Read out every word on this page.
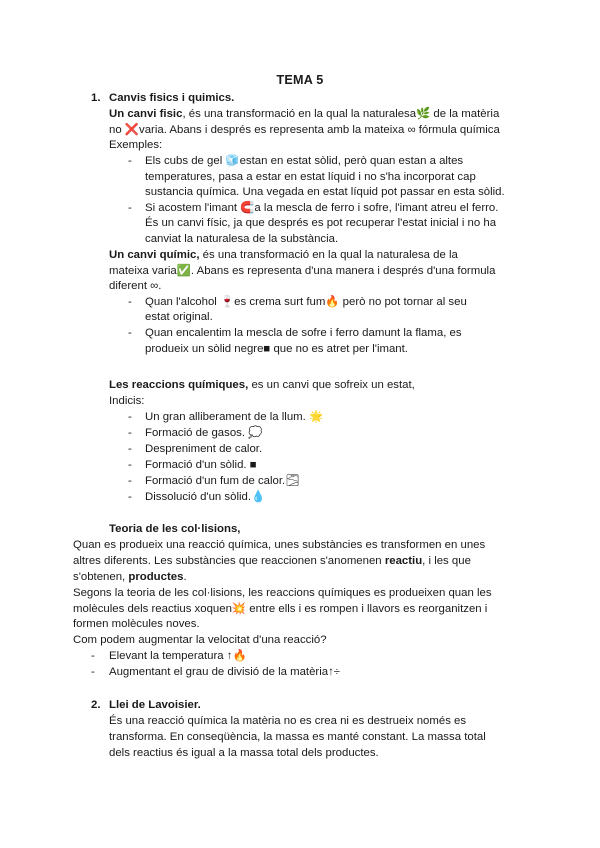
TEMA 5
1. Canvis fisics i quimics.
Un canvi fisic, és una transformació en la qual la naturalesa🌿 de la matèria
no ❌varia. Abans i després es representa amb la mateixa ∞ fórmula química
Exemples:
- Els cubs de gel 🧊estan en estat sòlid, però quan estan a altes
temperatures, pasa a estar en estat líquid i no s'ha incorporat cap
sustancia química. Una vegada en estat líquid pot passar en esta sòlid.
- Si acostem l'imant 🧲a la mescla de ferro i sofre, l'imant atreu el ferro.
És un canvi físic, ja que després es pot recuperar l'estat inicial i no ha
canviat la naturalesa de la substància.
Un canvi químic, és una transformació en la qual la naturalesa de la
mateixa varia✅. Abans es representa d'una manera i després d'una formula
diferent ∞.
- Quan l'alcohol 🍷es crema surt fum🔥 però no pot tornar al seu
estat original.
- Quan encalentim la mescla de sofre i ferro damunt la flama, es
produeix un sòlid negre■ que no es atret per l'imant.
Les reaccions químiques, es un canvi que sofreix un estat,
Indicis:
- Un gran alliberament de la llum. 🌟
- Formació de gasos. 💭
- Despreniment de calor.
- Formació d'un sòlid. ■
- Formació d'un fum de calor.🌫
- Dissolució d'un sòlid.💧
Teoria de les col·lisions,
Quan es produeix una reacció química, unes substàncies es transformen en unes
altres diferents. Les substàncies que reaccionen s'anomenen reactiu, i les que
s'obtenen, productes.
Segons la teoria de les col·lisions, les reaccions químiques es produeixen quan les
molècules dels reactius xoquen💥 entre ells i es rompen i llavors es reorganitzen i
formen molècules noves.
Com podem augmentar la velocitat d'una reacció?
- Elevant la temperatura ↑🔥
- Augmentant el grau de divisió de la matèria↑÷
2. Llei de Lavoisier.
És una reacció química la matèria no es crea ni es destrueix només es
transforma. En conseqüència, la massa es manté constant. La massa total
dels reactius és igual a la massa total dels productes.
